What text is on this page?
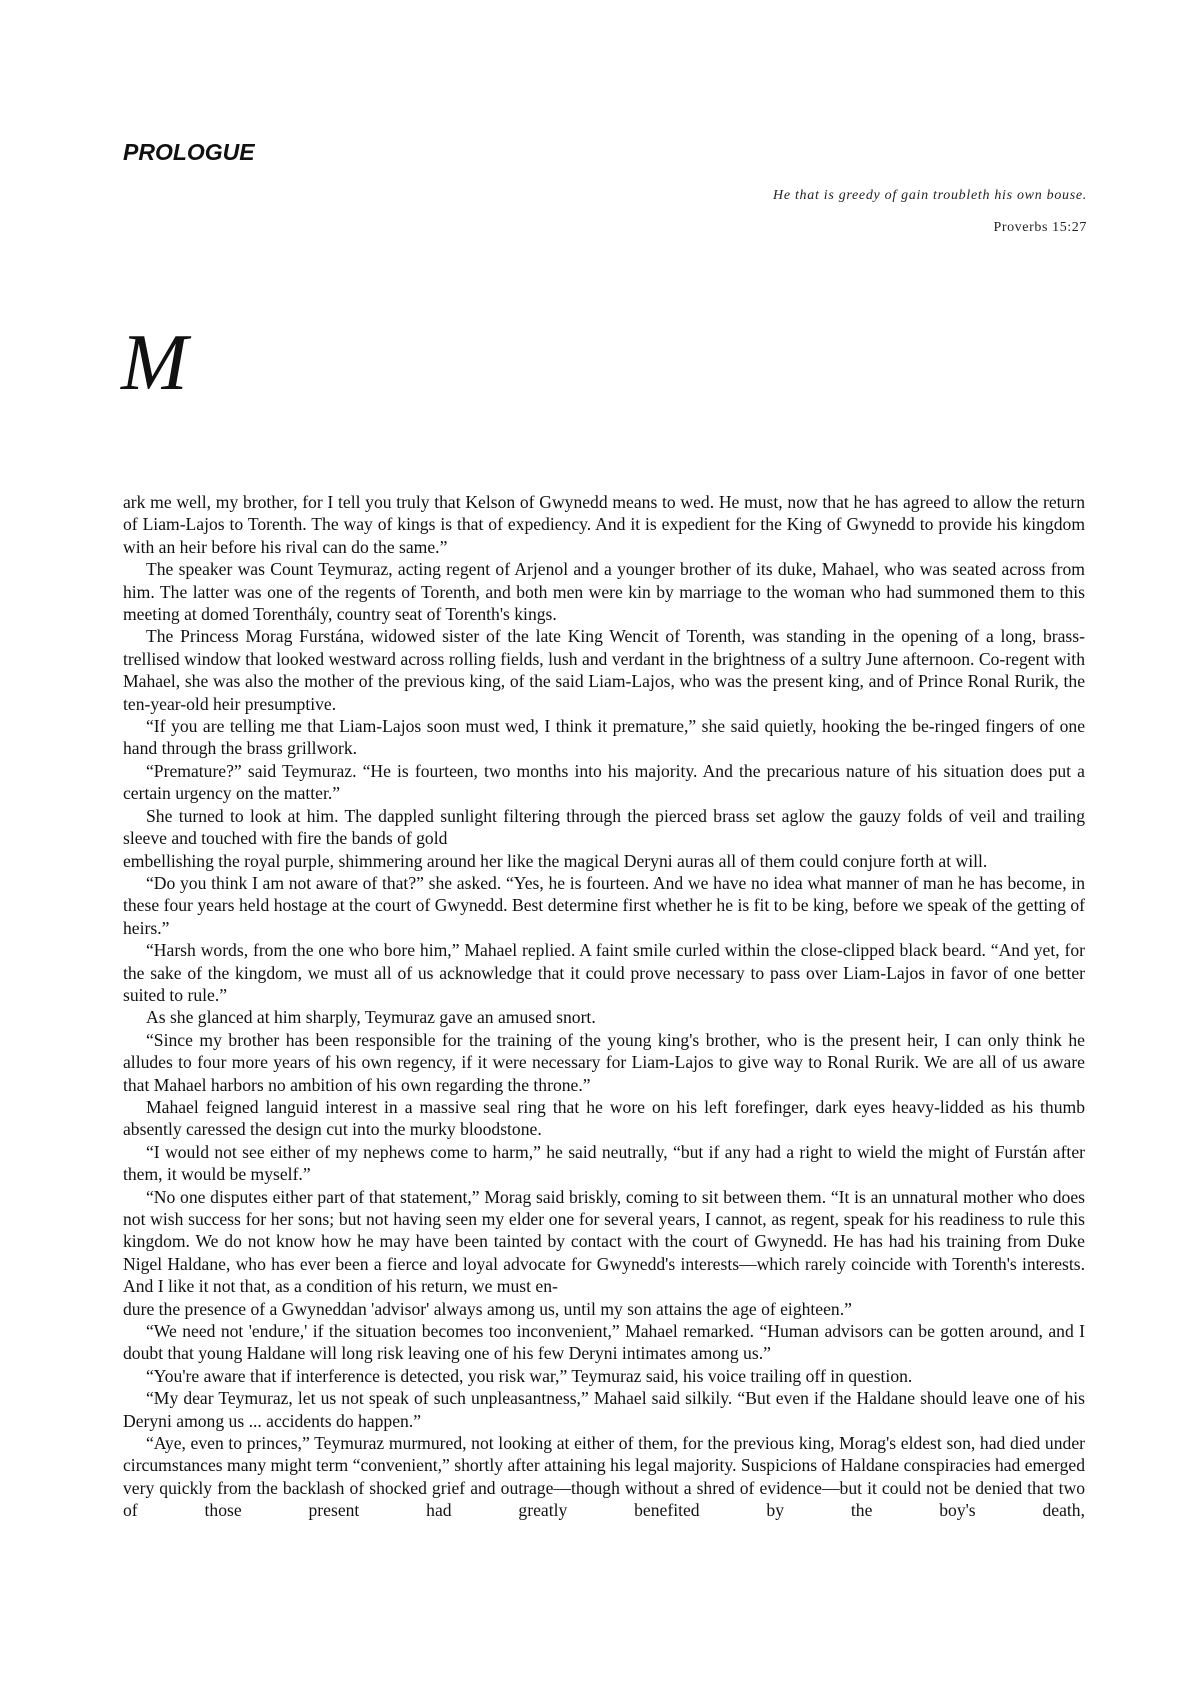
PROLOGUE
He that is greedy of gain troubleth his own bouse.
Proverbs 15:27
M

ark me well, my brother, for I tell you truly that Kelson of Gwynedd means to wed. He must, now that he has agreed to allow the return of Liam-Lajos to Torenth. The way of kings is that of expediency. And it is expedient for the King of Gwynedd to provide his kingdom with an heir before his rival can do the same.”

The speaker was Count Teymuraz, acting regent of Arjenol and a younger brother of its duke, Mahael, who was seated across from him. The latter was one of the regents of Torenth, and both men were kin by marriage to the woman who had summoned them to this meeting at domed Torenthály, country seat of Torenth's kings.

The Princess Morag Furstána, widowed sister of the late King Wencit of Torenth, was standing in the opening of a long, brass-trellised window that looked westward across rolling fields, lush and verdant in the brightness of a sultry June afternoon. Co-regent with Mahael, she was also the mother of the previous king, of the said Liam-Lajos, who was the present king, and of Prince Ronal Rurik, the ten-year-old heir presumptive.

“If you are telling me that Liam-Lajos soon must wed, I think it premature,” she said quietly, hooking the be-ringed fingers of one hand through the brass grillwork.

“Premature?” said Teymuraz. “He is fourteen, two months into his majority. And the precarious nature of his situation does put a certain urgency on the matter.”

She turned to look at him. The dappled sunlight filtering through the pierced brass set aglow the gauzy folds of veil and trailing sleeve and touched with fire the bands of gold

embellishing the royal purple, shimmering around her like the magical Deryni auras all of them could conjure forth at will.

“Do you think I am not aware of that?” she asked. “Yes, he is fourteen. And we have no idea what manner of man he has become, in these four years held hostage at the court of Gwynedd. Best determine first whether he is fit to be king, before we speak of the getting of heirs.”

“Harsh words, from the one who bore him,” Mahael replied. A faint smile curled within the close-clipped black beard. “And yet, for the sake of the kingdom, we must all of us acknowledge that it could prove necessary to pass over Liam-Lajos in favor of one better suited to rule.”

As she glanced at him sharply, Teymuraz gave an amused snort.

“Since my brother has been responsible for the training of the young king's brother, who is the present heir, I can only think he alludes to four more years of his own regency, if it were necessary for Liam-Lajos to give way to Ronal Rurik. We are all of us aware that Mahael harbors no ambition of his own regarding the throne.”

Mahael feigned languid interest in a massive seal ring that he wore on his left forefinger, dark eyes heavy-lidded as his thumb absently caressed the design cut into the murky bloodstone.

“I would not see either of my nephews come to harm,” he said neutrally, “but if any had a right to wield the might of Furstán after them, it would be myself.”

“No one disputes either part of that statement,” Morag said briskly, coming to sit between them. “It is an unnatural mother who does not wish success for her sons; but not having seen my elder one for several years, I cannot, as regent, speak for his readiness to rule this kingdom. We do not know how he may have been tainted by contact with the court of Gwynedd. He has had his training from Duke Nigel Haldane, who has ever been a fierce and loyal advocate for Gwynedd's interests—which rarely coincide with Torenth's interests. And I like it not that, as a condition of his return, we must en-

dure the presence of a Gwyneddan 'advisor' always among us, until my son attains the age of eighteen.”

“We need not 'endure,' if the situation becomes too inconvenient,” Mahael remarked. “Human advisors can be gotten around, and I doubt that young Haldane will long risk leaving one of his few Deryni intimates among us.”

“You're aware that if interference is detected, you risk war,” Teymuraz said, his voice trailing off in question.

“My dear Teymuraz, let us not speak of such unpleasantness,” Mahael said silkily. “But even if the Haldane should leave one of his Deryni among us ... accidents do happen.”

“Aye, even to princes,” Teymuraz murmured, not looking at either of them, for the previous king, Morag's eldest son, had died under circumstances many might term “convenient,” shortly after attaining his legal majority. Suspicions of Haldane conspiracies had emerged very quickly from the backlash of shocked grief and outrage—though without a shred of evidence—but it could not be denied that two of those present had greatly benefited by the boy's death,
